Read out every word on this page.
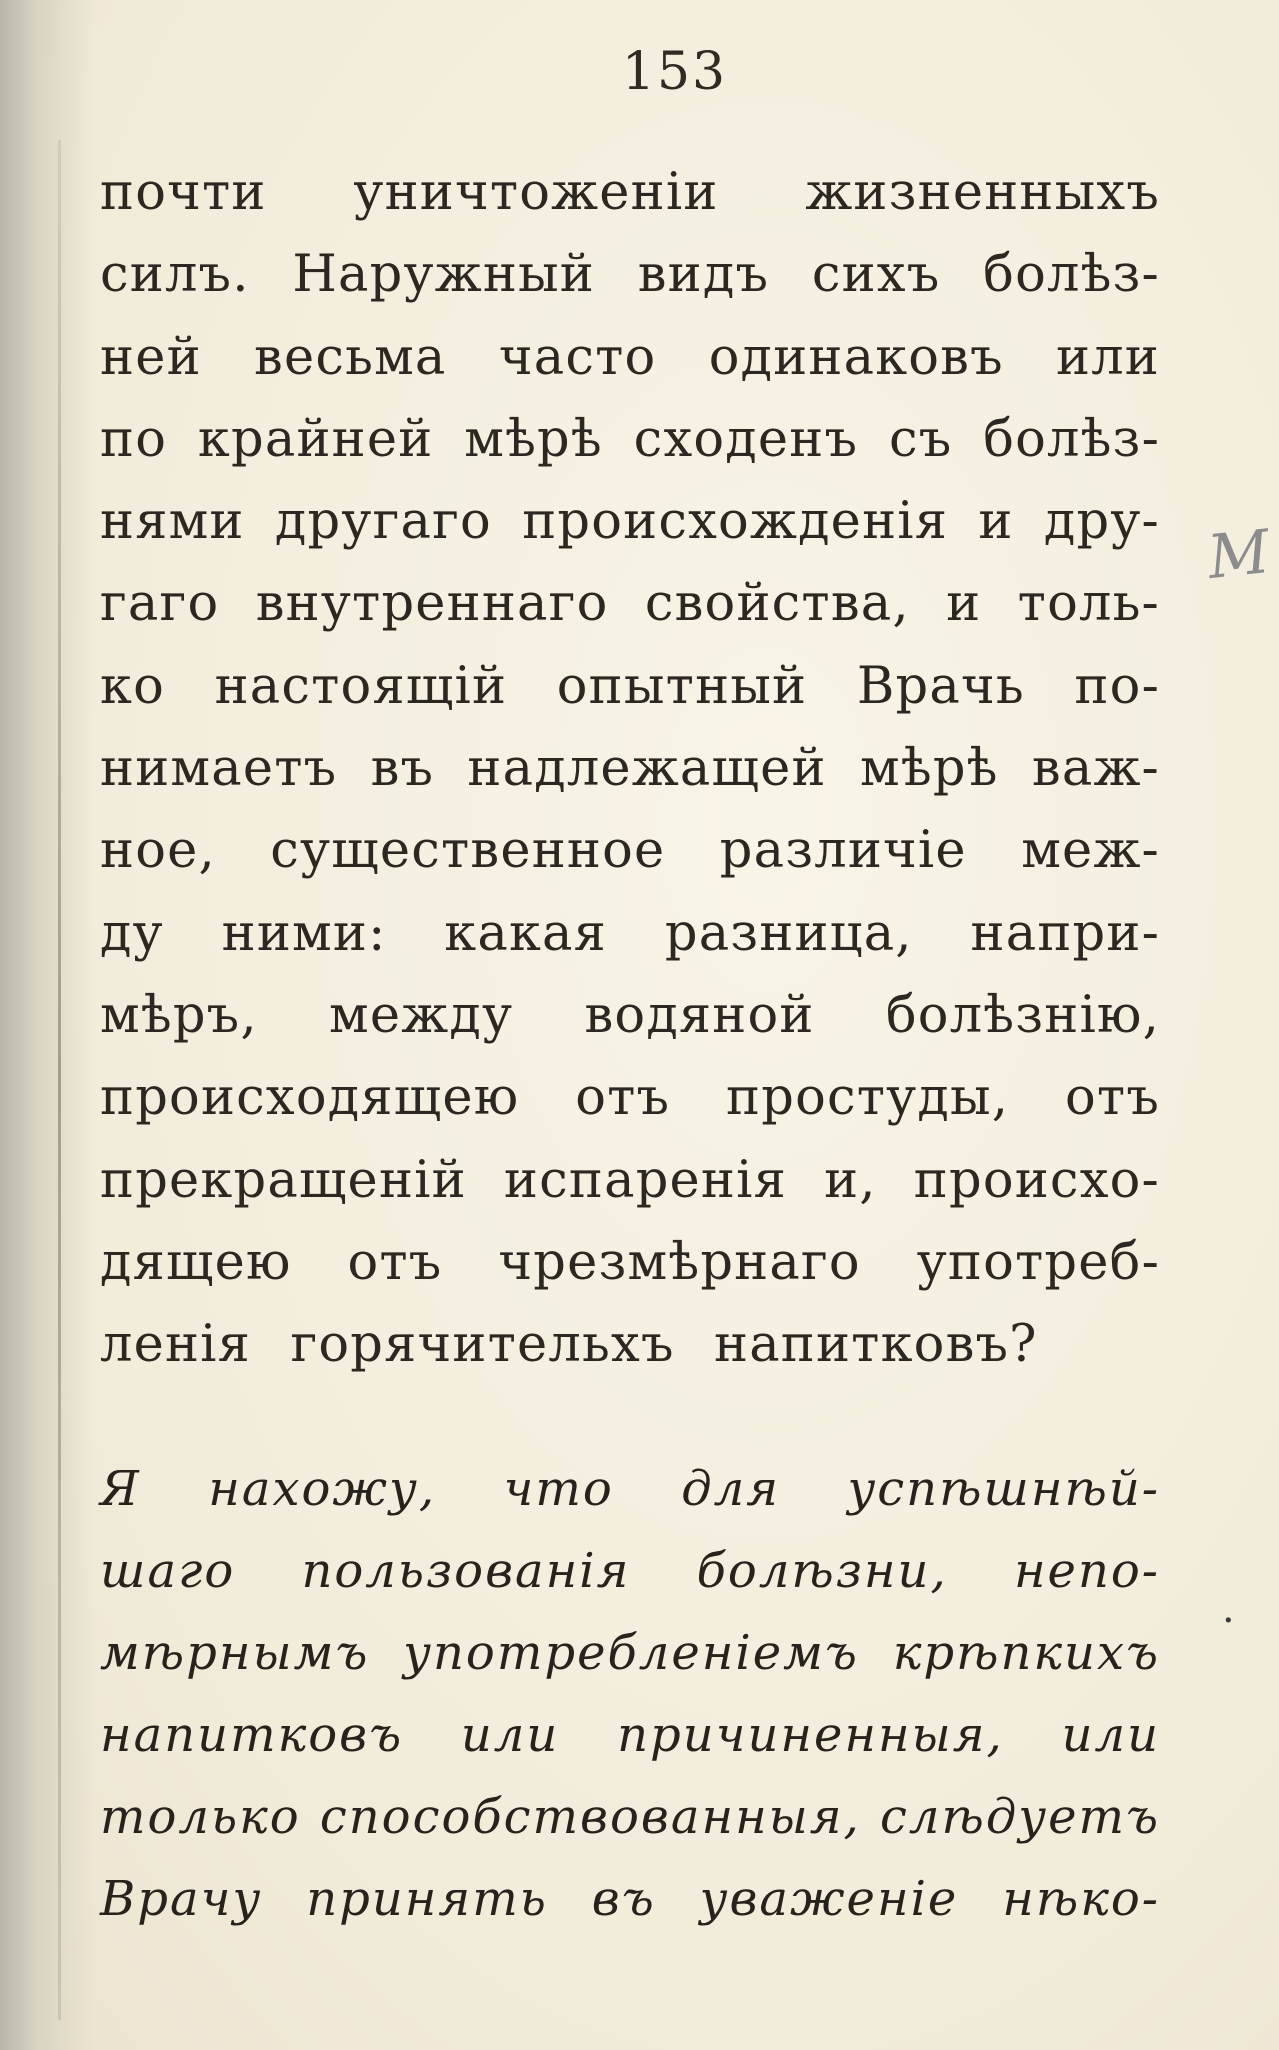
153
почти уничтоженіи жизненныхъ
силъ. Наружный видъ сихъ болѣз-
ней весьма часто одинаковъ или
по крайней мѣрѣ сходенъ съ болѣз-
нями другаго происхожденія и дру-
гаго внутреннаго свойства, и толь-
ко настоящій опытный Врачь по-
нимаетъ въ надлежащей мѣрѣ важ-
ное, существенное различіе меж-
ду ними: какая разница, напри-
мѣръ, между водяной болѣзнію,
происходящею отъ простуды, отъ
прекращеній испаренія и, происхо-
дящею отъ чрезмѣрнаго употреб-
ленія горячительхъ напитковъ?
Я нахожу, что для успѣшнѣй-
шаго пользованія болѣзни, непо-
мѣрнымъ употребленіемъ крѣпкихъ
напитковъ или причиненныя, или
только способствованныя, слѣдуетъ
Врачу принять въ уваженіе нѣко-
М
·
